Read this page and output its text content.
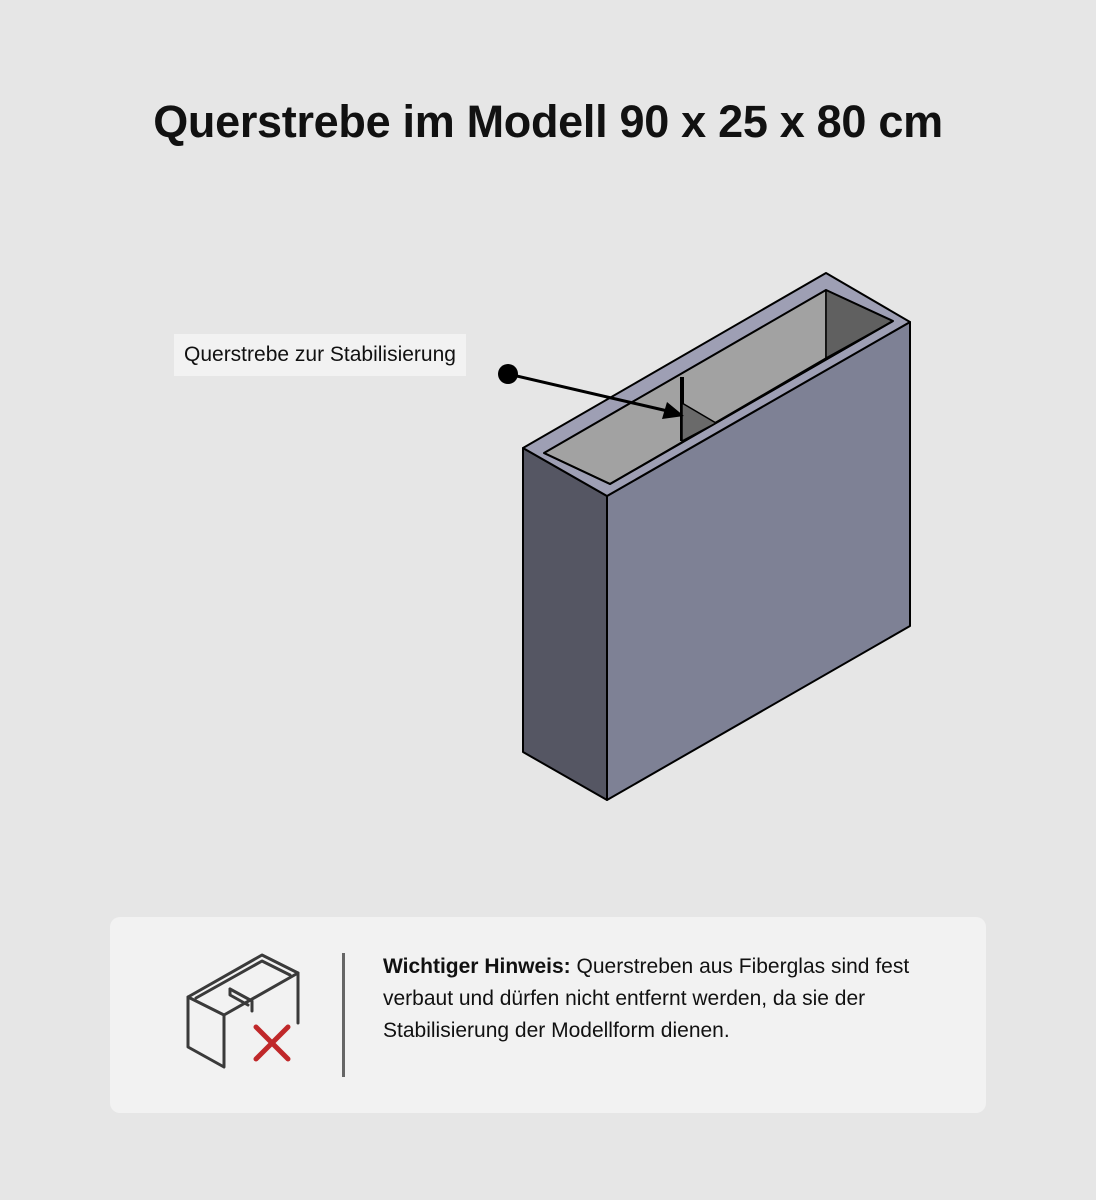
Querstrebe im Modell 90 x 25 x 80 cm
Querstrebe zur Stabilisierung

Wichtiger Hinweis: Querstreben aus Fiberglas sind fest verbaut und dürfen nicht entfernt werden, da sie der Stabilisierung der Modellform dienen.
